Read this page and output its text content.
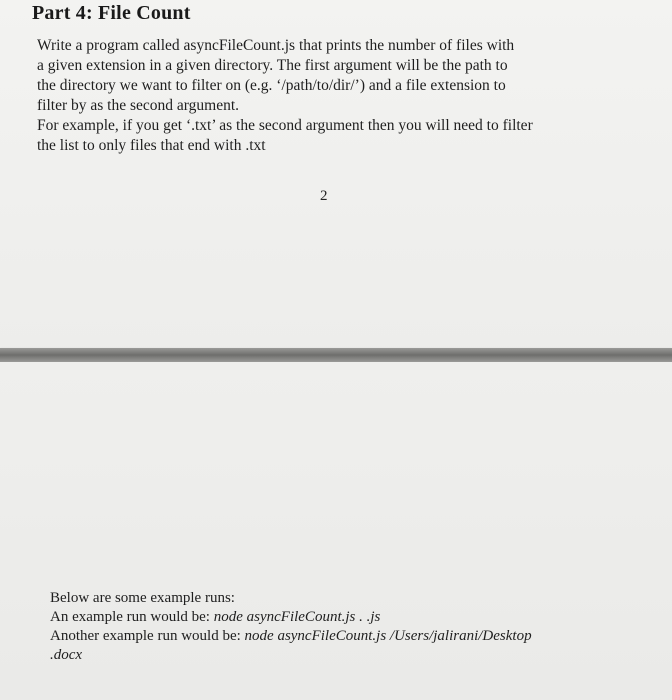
Part 4: File Count

Write a program called asyncFileCount.js that prints the number of files with
a given extension in a given directory. The first argument will be the path to
the directory we want to filter on (e.g. ‘/path/to/dir/’) and a file extension to
filter by as the second argument.
For example, if you get ‘.txt’ as the second argument then you will need to filter
the list to only files that end with .txt

2

Below are some example runs:
An example run would be: node asyncFileCount.js . .js
Another example run would be: node asyncFileCount.js /Users/jalirani/Desktop
.docx
